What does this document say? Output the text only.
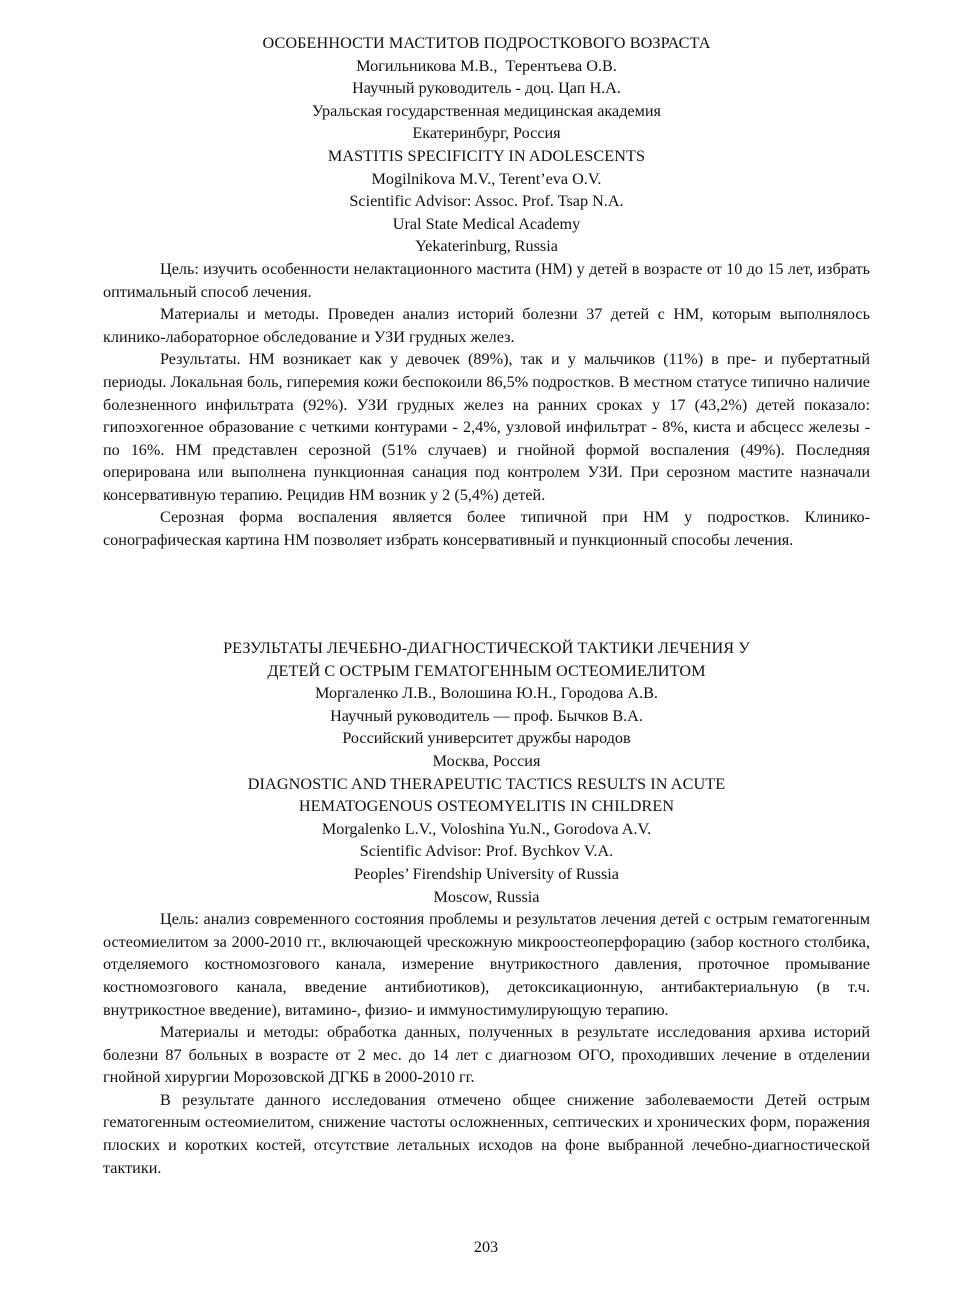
ОСОБЕННОСТИ МАСТИТОВ ПОДРОСТКОВОГО ВОЗРАСТА

Могильникова М.В.,  Терентьева О.В.

Научный руководитель - доц. Цап Н.А.

Уральская государственная медицинская академия

Екатеринбург, Россия

MASTITIS SPECIFICITY IN ADOLESCENTS

Mogilnikova M.V., Terent’eva O.V.

Scientific Advisor: Assoc. Prof. Tsap N.A.

Ural State Medical Academy

Yekaterinburg, Russia

Цель: изучить особенности нелактационного мастита (НМ) у детей в возрасте от 10 до 15 лет, избрать оптимальный способ лечения.

Материалы и методы. Проведен анализ историй болезни 37 детей с НМ, которым выполнялось клинико-лабораторное обследование и УЗИ грудных желез.

Результаты. НМ возникает как у девочек (89%), так и у мальчиков (11%) в пре- и пубертатный периоды. Локальная боль, гиперемия кожи беспокоили 86,5% подростков. В местном статусе типично наличие болезненного инфильтрата (92%). УЗИ грудных желез на ранних сроках у 17 (43,2%) детей показало: гипоэхогенное образование с четкими контурами - 2,4%, узловой инфильтрат - 8%, киста и абсцесс железы - по 16%. НМ представлен серозной (51% случаев) и гнойной формой воспаления (49%). Последняя оперирована или выполнена пункционная санация под контролем УЗИ. При серозном мастите назначали консервативную терапию. Рецидив НМ возник у 2 (5,4%) детей.

Серозная форма воспаления является более типичной при НМ у подростков. Клинико-сонографическая картина НМ позволяет избрать консервативный и пункционный способы лечения.

РЕЗУЛЬТАТЫ ЛЕЧЕБНО-ДИАГНОСТИЧЕСКОЙ ТАКТИКИ ЛЕЧЕНИЯ У

ДЕТЕЙ С ОСТРЫМ ГЕМАТОГЕННЫМ ОСТЕОМИЕЛИТОМ

Моргаленко Л.В., Волошина Ю.Н., Городова А.В.

Научный руководитель — проф. Бычков В.А.

Российский университет дружбы народов

Москва, Россия

DIAGNOSTIC AND THERAPEUTIC TACTICS RESULTS IN ACUTE

HEMATOGENOUS OSTEOMYELITIS IN CHILDREN

Morgalenko L.V., Voloshina Yu.N., Gorodova A.V.

Scientific Advisor: Prof. Bychkov V.A.

Peoples’ Firendship University of Russia

Moscow, Russia

Цель: анализ современного состояния проблемы и результатов лечения детей с острым гематогенным остеомиелитом за 2000-2010 гг., включающей чрескожную микроостеоперфорацию (забор костного столбика, отделяемого костномозгового канала, измерение внутрикостного давления, проточное промывание костномозгового канала, введение антибиотиков), детоксикационную, антибактериальную (в т.ч. внутрикостное введение), витамино-, физио- и иммуностимулирующую терапию.

Материалы и методы: обработка данных, полученных в результате исследования архива историй болезни 87 больных в возрасте от 2 мес. до 14 лет с диагнозом ОГО, проходивших лечение в отделении гнойной хирургии Морозовской ДГКБ в 2000-2010 гг.

В результате данного исследования отмечено общее снижение заболеваемости Детей острым гематогенным остеомиелитом, снижение частоты осложненных, септических и хронических форм, поражения плоских и коротких костей, отсутствие летальных исходов на фоне выбранной лечебно-диагностической тактики.

203
